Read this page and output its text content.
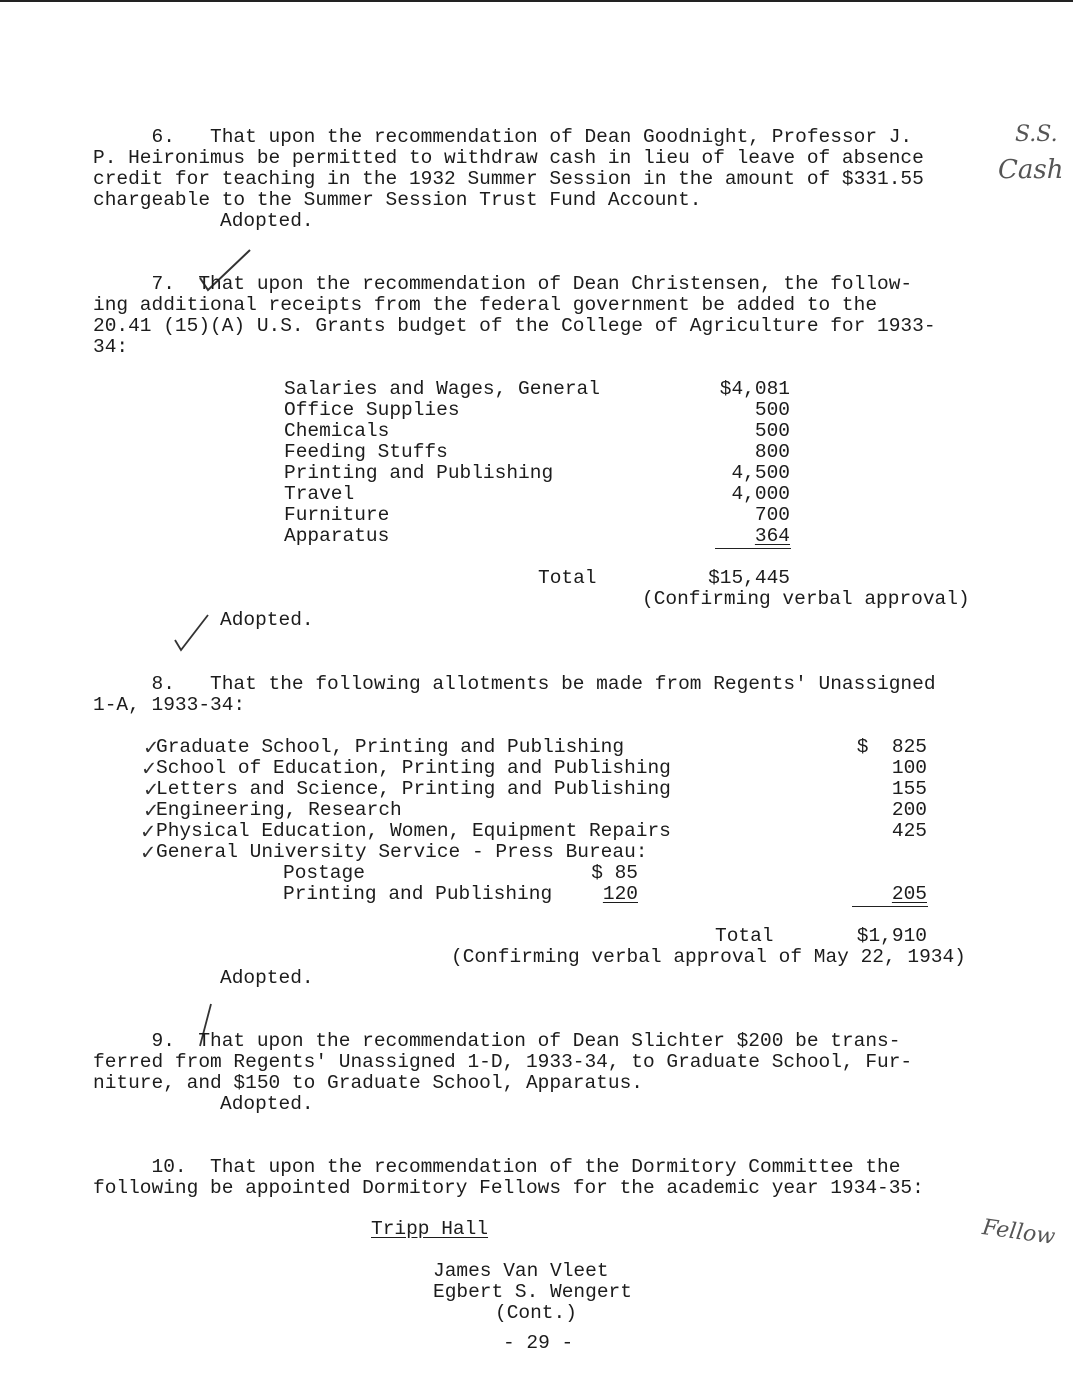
6.   That upon the recommendation of Dean Goodnight, Professor J.
P. Heironimus be permitted to withdraw cash in lieu of leave of absence
credit for teaching in the 1932 Summer Session in the amount of $331.55
chargeable to the Summer Session Trust Fund Account.
Adopted.
S.S.
Cash
7.  That upon the recommendation of Dean Christensen, the follow-
ing additional receipts from the federal government be added to the
20.41 (15)(A) U.S. Grants budget of the College of Agriculture for 1933-
34:
Salaries and Wages, General	$4,081
Office Supplies	500
Chemicals	500
Feeding Stuffs	800
Printing and Publishing	4,500
Travel	4,000
Furniture	700
Apparatus	364
Total	$15,445
(Confirming verbal approval)
Adopted.
8.   That the following allotments be made from Regents' Unassigned
1-A, 1933-34:
✓
Graduate School, Printing and Publishing	$  825
✓
School of Education, Printing and Publishing	100
✓
Letters and Science, Printing and Publishing	155
✓
Engineering, Research	200
✓ Physical Education, Women, Equipment Repairs	425
✓ General University Service - Press Bureau:
Postage	$ 85
Printing and Publishing	120	205
Total	$1,910
(Confirming verbal approval of May 22, 1934)
Adopted.
9.  That upon the recommendation of Dean Slichter $200 be trans-
ferred from Regents' Unassigned 1-D, 1933-34, to Graduate School, Fur-
niture, and $150 to Graduate School, Apparatus.
Adopted.
10.  That upon the recommendation of the Dormitory Committee the
following be appointed Dormitory Fellows for the academic year 1934-35:
Tripp Hall
James Van Vleet
Egbert S. Wengert
(Cont.)
Fellow
- 29 -
